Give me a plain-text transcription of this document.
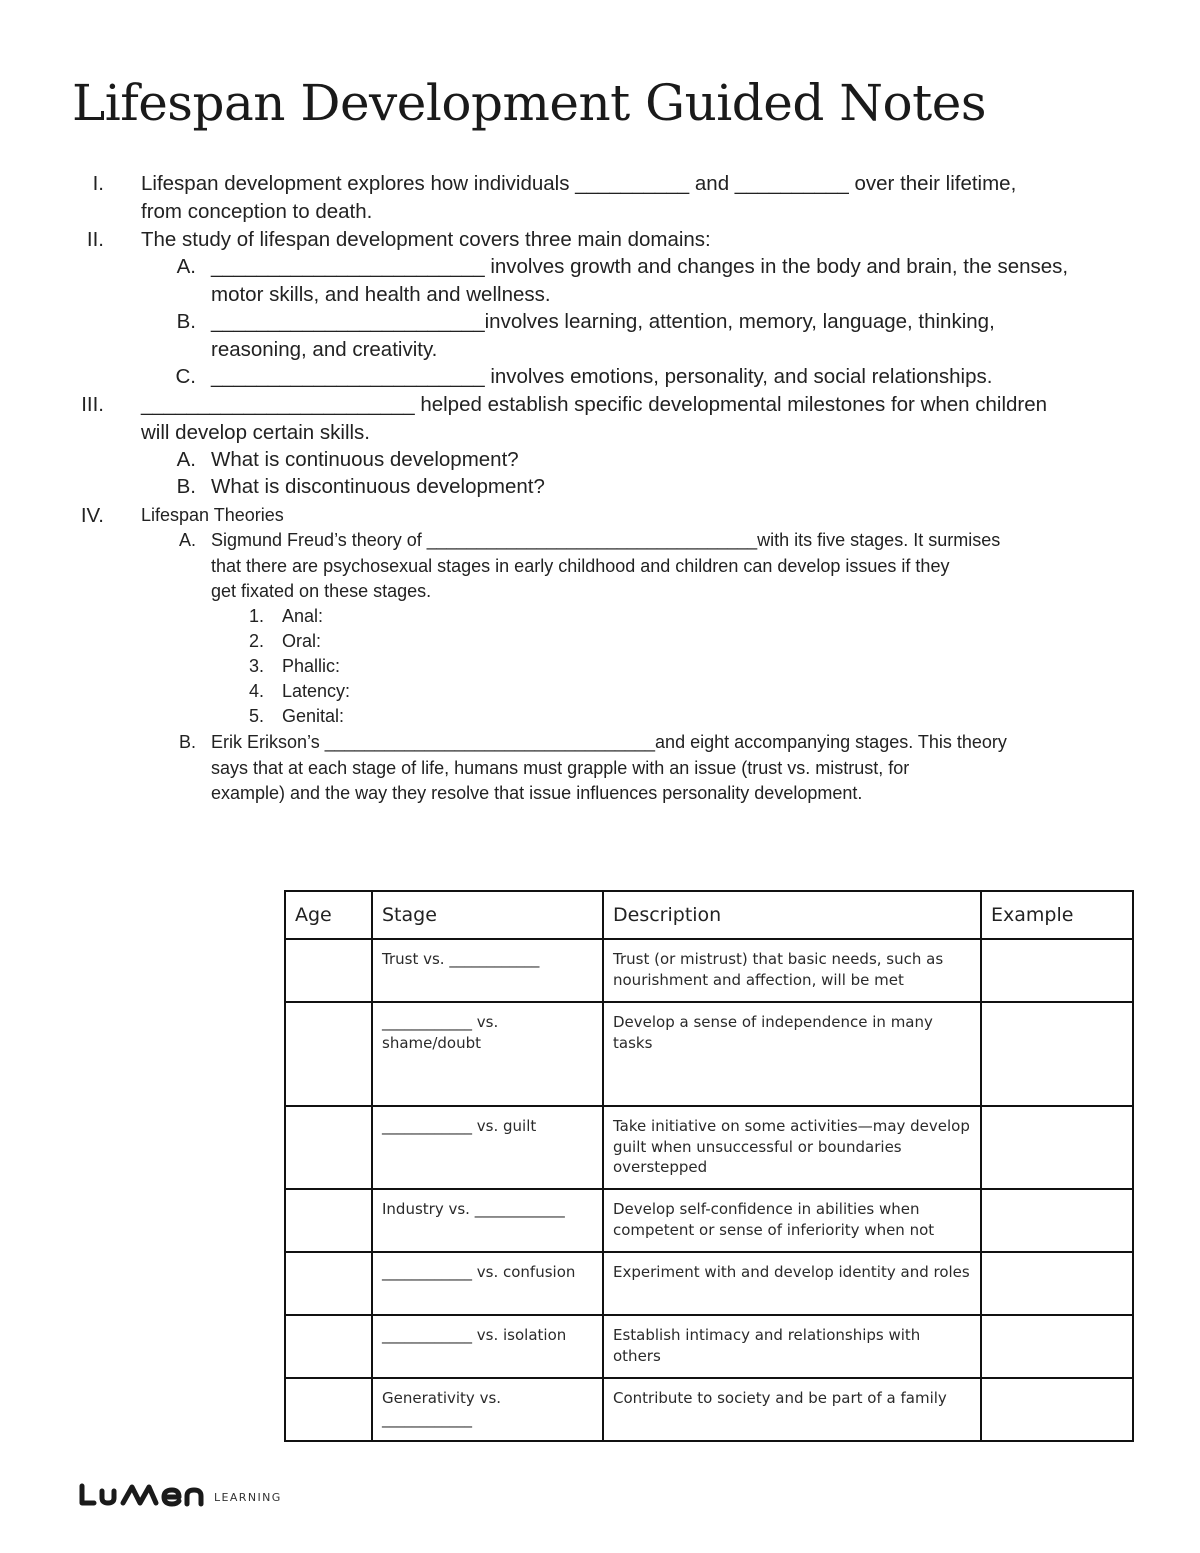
Lifespan Development Guided Notes
I. Lifespan development explores how individuals __________ and __________ over their lifetime,
from conception to death.
II. The study of lifespan development covers three main domains:
A. ________________________ involves growth and changes in the body and brain, the senses,
motor skills, and health and wellness.
B. ________________________involves learning, attention, memory, language, thinking,
reasoning, and creativity.
C. ________________________ involves emotions, personality, and social relationships.
III. ________________________ helped establish specific developmental milestones for when children
will develop certain skills.
A. What is continuous development?
B. What is discontinuous development?
IV. Lifespan Theories
A. Sigmund Freud’s theory of _________________________________with its five stages. It surmises
that there are psychosexual stages in early childhood and children can develop issues if they
get fixated on these stages.
1. Anal:
2. Oral:
3. Phallic:
4. Latency:
5. Genital:
B. Erik Erikson’s _________________________________and eight accompanying stages. This theory
says that at each stage of life, humans must grapple with an issue (trust vs. mistrust, for
example) and the way they resolve that issue influences personality development.
Age	Stage	Description	Example
	Trust vs. ____________	Trust (or mistrust) that basic needs, such as nourishment and affection, will be met	
	____________ vs. shame/doubt	Develop a sense of independence in many tasks	
	____________ vs. guilt	Take initiative on some activities—may develop guilt when unsuccessful or boundaries overstepped	
	Industry vs. ____________	Develop self-confidence in abilities when competent or sense of inferiority when not	
	____________ vs. confusion	Experiment with and develop identity and roles	
	____________ vs. isolation	Establish intimacy and relationships with others	
	Generativity vs. ____________	Contribute to society and be part of a family	
LEARNING
